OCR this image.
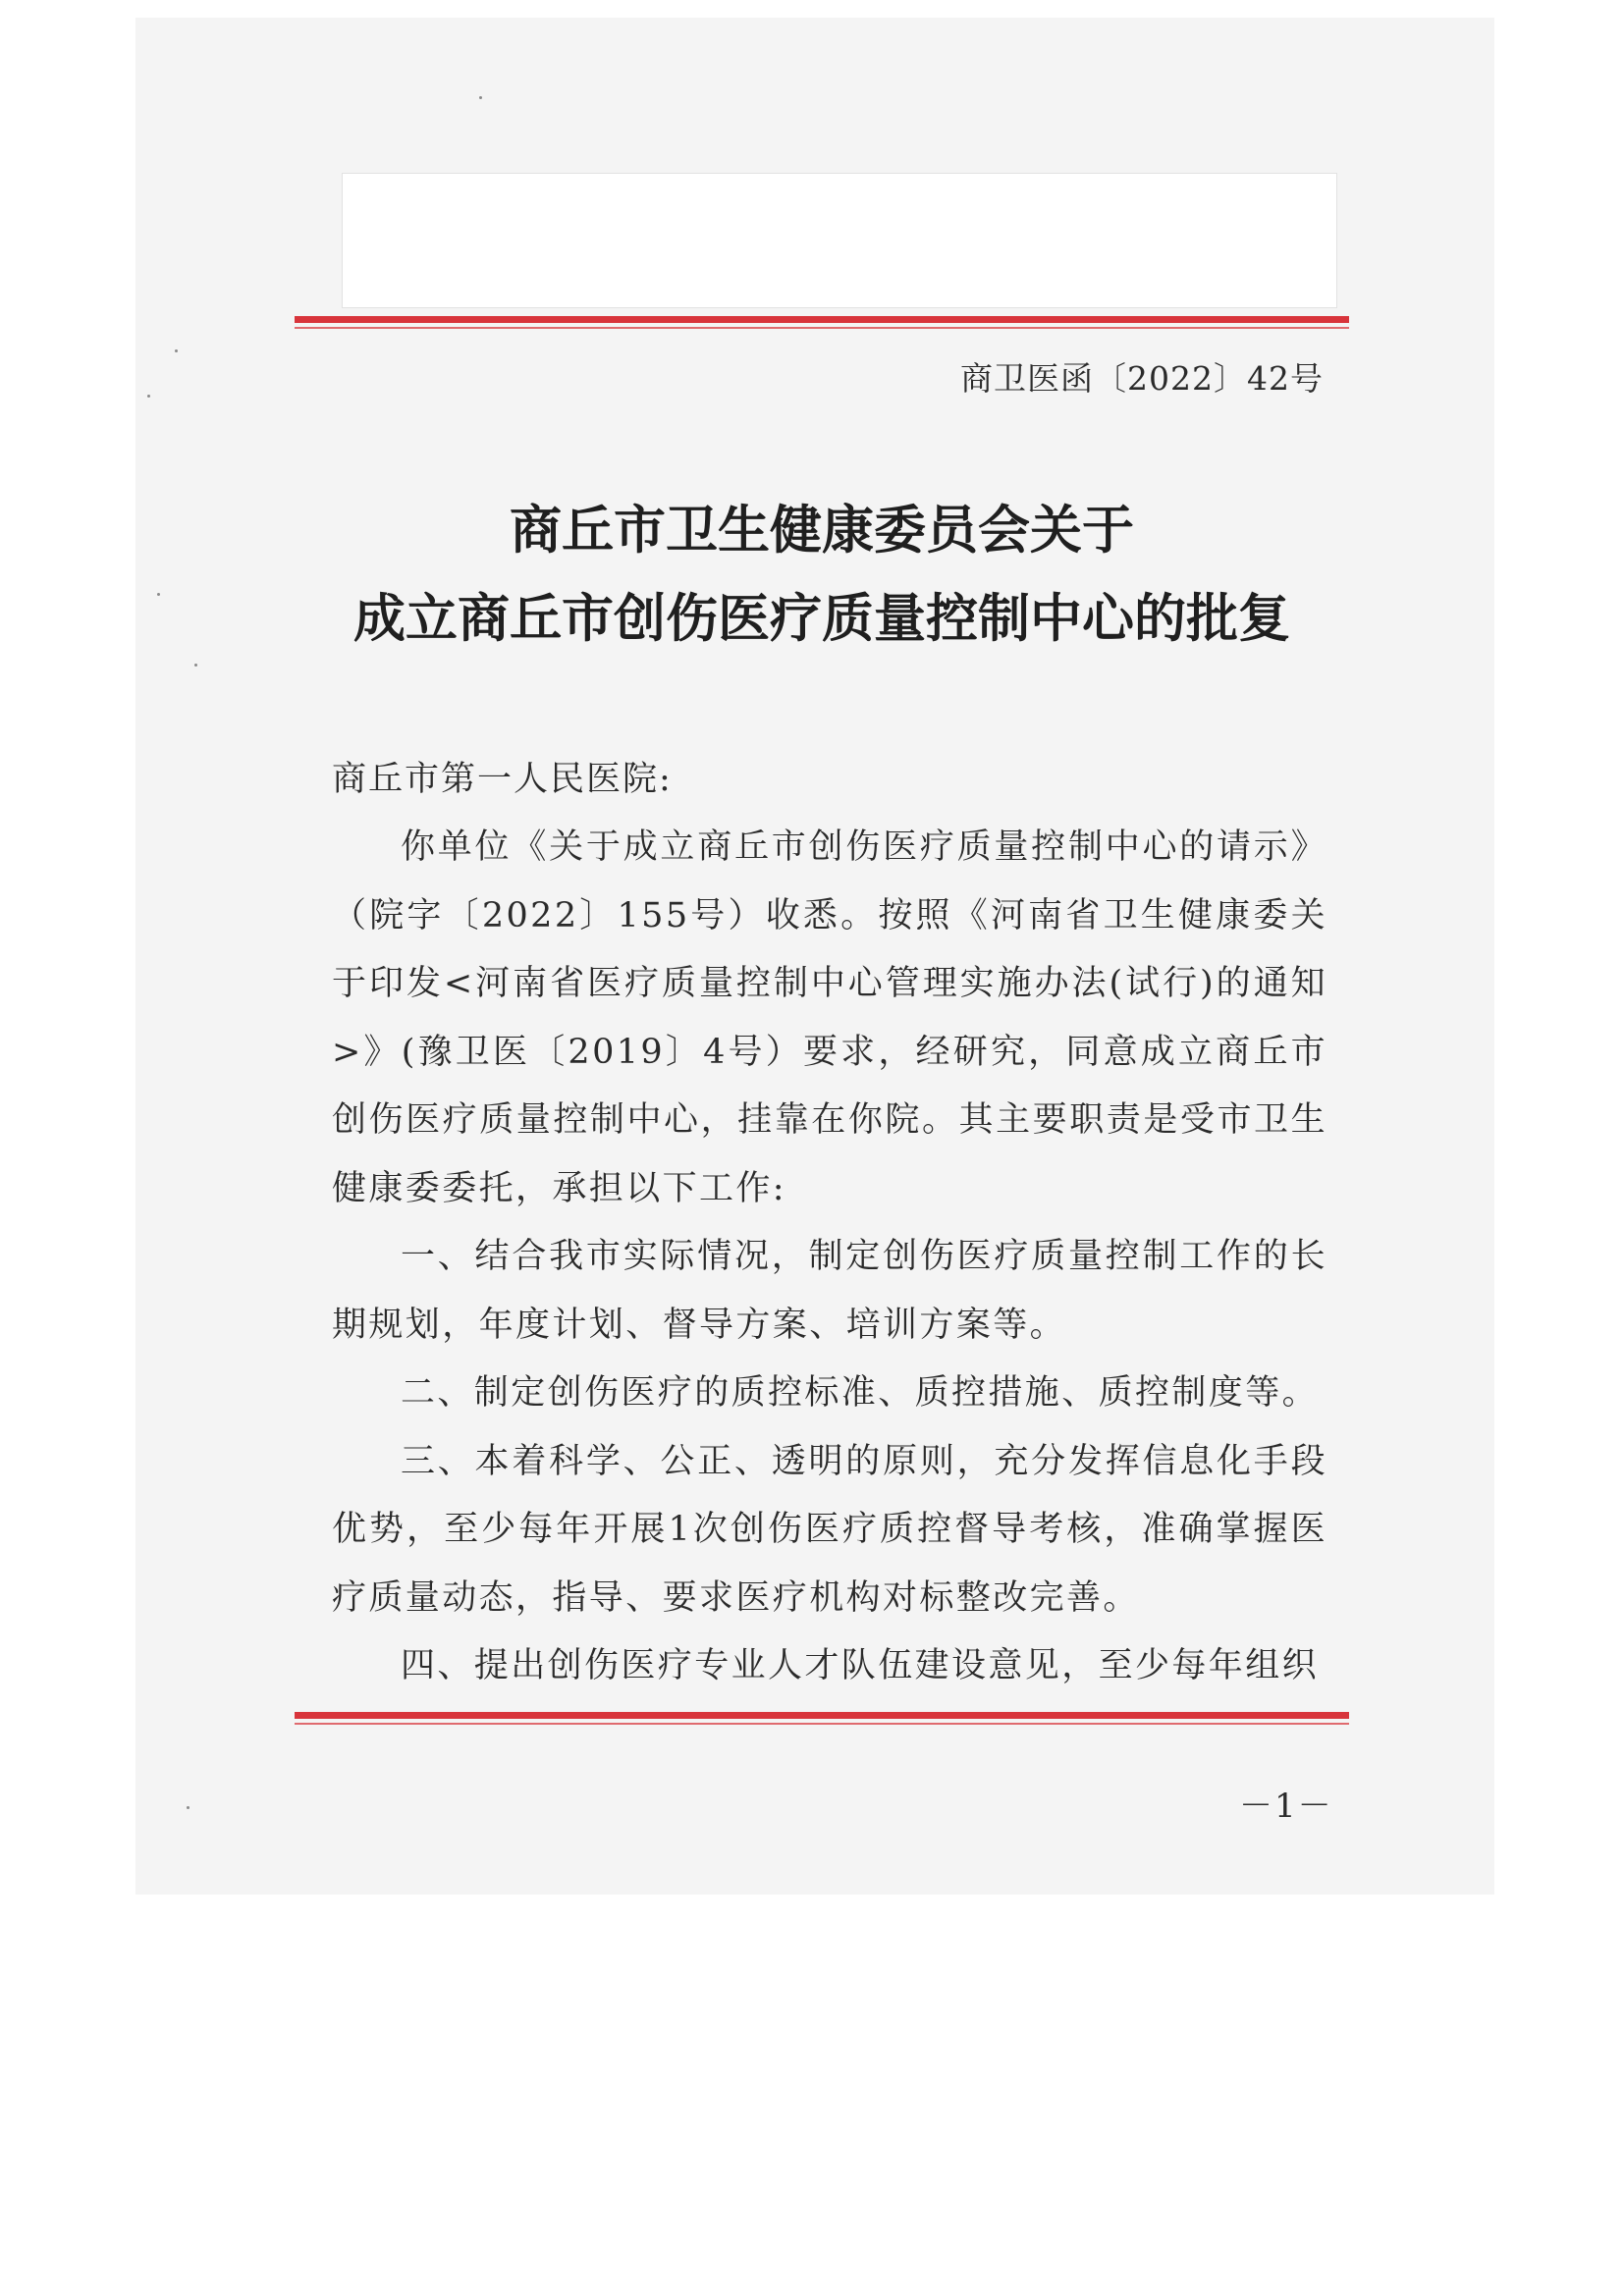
商卫医函〔2022〕42号
商丘市卫生健康委员会关于
成立商丘市创伤医疗质量控制中心的批复
商丘市第一人民医院:

你单位《关于成立商丘市创伤医疗质量控制中心的请示》（院字〔2022〕155号）收悉。按照《河南省卫生健康委关于印发<河南省医疗质量控制中心管理实施办法(试行)的通知>》(豫卫医〔2019〕4号）要求，经研究，同意成立商丘市创伤医疗质量控制中心，挂靠在你院。其主要职责是受市卫生健康委委托，承担以下工作:

一、结合我市实际情况，制定创伤医疗质量控制工作的长期规划，年度计划、督导方案、培训方案等。

二、制定创伤医疗的质控标准、质控措施、质控制度等。

三、本着科学、公正、透明的原则，充分发挥信息化手段优势，至少每年开展1次创伤医疗质控督导考核，准确掌握医疗质量动态，指导、要求医疗机构对标整改完善。

四、提出创伤医疗专业人才队伍建设意见，至少每年组织

－1－
